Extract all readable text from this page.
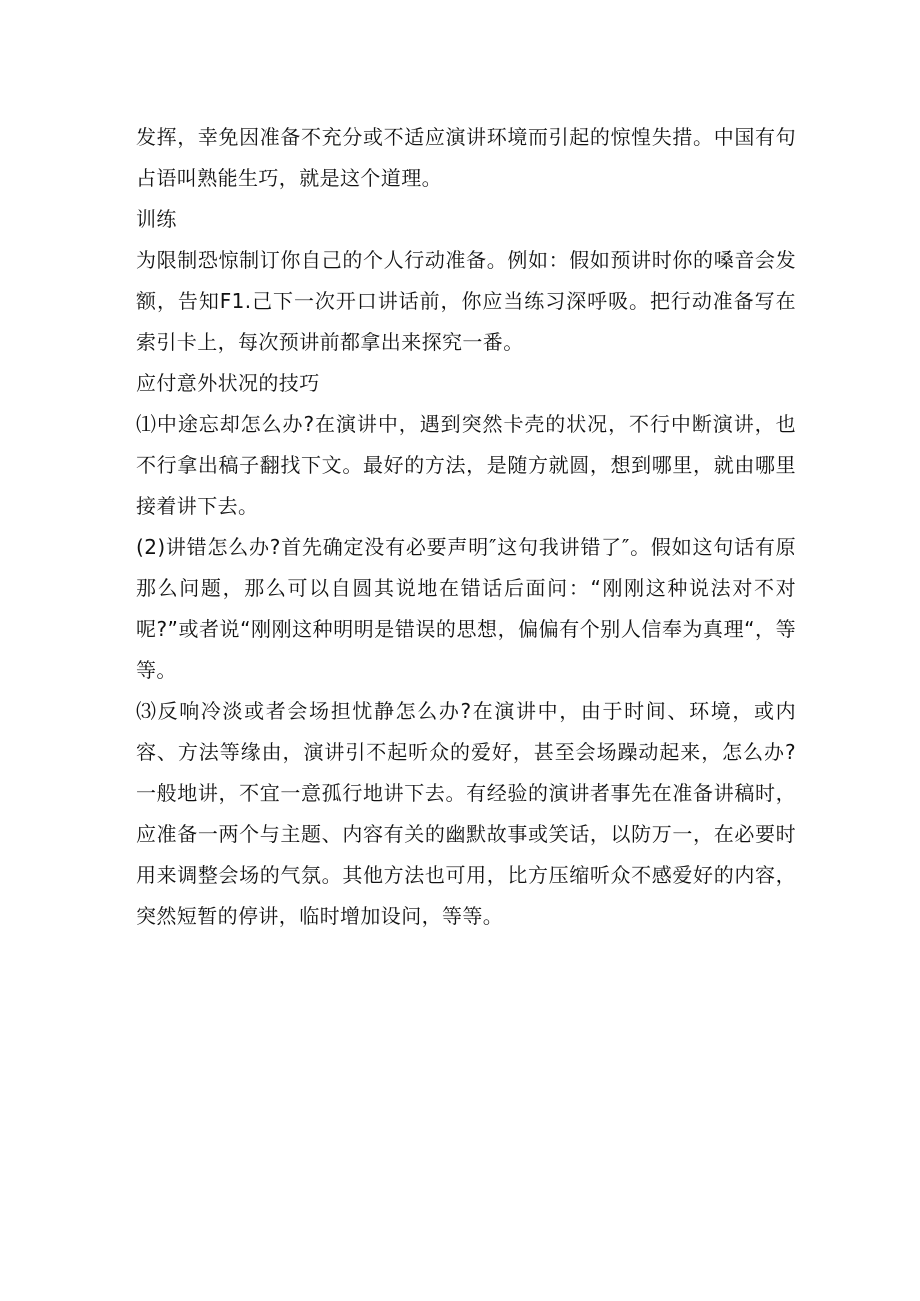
发挥，幸免因准备不充分或不适应演讲环境而引起的惊惶失措。中国有句占语叫熟能生巧，就是这个道理。

训练

为限制恐惊制订你自己的个人行动准备。例如：假如预讲时你的嗓音会发额，告知F1.己下一次开口讲话前，你应当练习深呼吸。把行动准备写在索引卡上，每次预讲前都拿出来探究一番。

应付意外状况的技巧

⑴中途忘却怎么办?在演讲中，遇到突然卡壳的状况，不行中断演讲，也不行拿出稿子翻找下文。最好的方法，是随方就圆，想到哪里，就由哪里接着讲下去。

(2)讲错怎么办?首先确定没有必要声明″这句我讲错了″。假如这句话有原那么问题，那么可以自圆其说地在错话后面问：“刚刚这种说法对不对呢?”或者说“刚刚这种明明是错误的思想，偏偏有个别人信奉为真理“，等等。

⑶反响冷淡或者会场担忧静怎么办?在演讲中，由于时间、环境，或内容、方法等缘由，演讲引不起听众的爱好，甚至会场躁动起来，怎么办?一般地讲，不宜一意孤行地讲下去。有经验的演讲者事先在准备讲稿时，应准备一两个与主题、内容有关的幽默故事或笑话，以防万一，在必要时用来调整会场的气氛。其他方法也可用，比方压缩听众不感爱好的内容，突然短暂的停讲，临时增加设问，等等。
